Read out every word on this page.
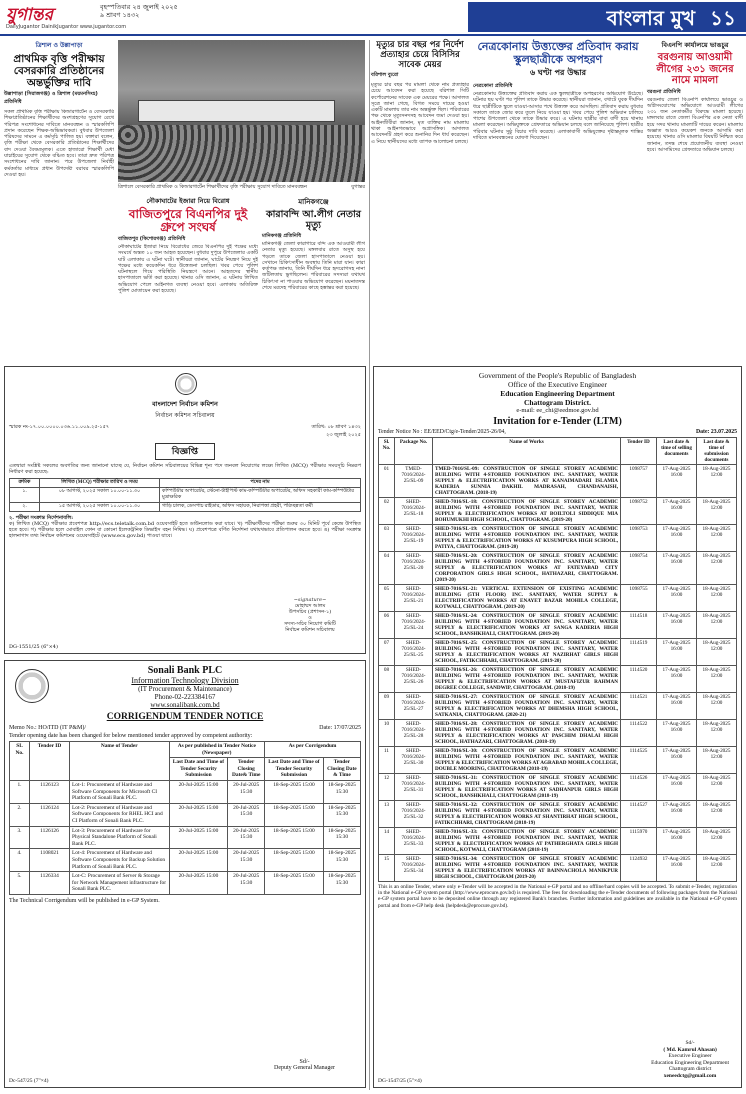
যুগান্তর	বৃহস্পতিবার ২৪ জুলাই ২০২৫
৯ শ্রাবণ ১৪৩২
DailyJugantor DainikJugantor www.jugantor.com	বাংলার মুখ ১১
ত্রিশাল ও উল্লাপাড়া
প্রাথমিক বৃত্তি পরীক্ষায় বেসরকারি প্রতিষ্ঠানের অন্তর্ভুক্তির দাবি
উল্লাপাড়া (সিরাজগঞ্জ) ও ত্রিশাল (ময়মনসিংহ) প্রতিনিধি
সকল প্রাথমিক বৃত্তি পরীক্ষায় কিন্ডারগার্টেন ও বেসরকারি শিক্ষাপ্রতিষ্ঠানের শিক্ষার্থীদের অংশগ্রহণের সুযোগ রেখে পরিপত্র সংশোধনের দাবিতে মানববন্ধন ও স্মারকলিপি প্রদান করেছেন শিক্ষক-অভিভাবকরা। বুধবার উপজেলা পরিষদের সামনে এ কর্মসূচি পালিত হয়। বক্তারা বলেন, বৃত্তি পরীক্ষা থেকে বেসরকারি প্রতিষ্ঠানের শিক্ষার্থীদের বাদ দেওয়া বৈষম্যমূলক। এতে হাজারো শিক্ষার্থী মেধা যাচাইয়ের সুযোগ থেকে বঞ্চিত হবে। তারা দ্রুত পরিপত্র সংশোধনের দাবি জানান। পরে উপজেলা নির্বাহী কর্মকর্তার মাধ্যমে প্রধান উপদেষ্টা বরাবর স্মারকলিপি দেওয়া হয়।
ত্রিশালে বেসরকারি প্রাথমিক ও কিন্ডারগার্টেন শিক্ষার্থীদের বৃত্তি পরীক্ষায় সুযোগ দাবিতে মানববন্ধন	যুগান্তর
নৌকাঘাটের ইজারা নিয়ে বিরোধ
বাজিতপুরে বিএনপির দুই গ্রুপে সংঘর্ষ
বাজিতপুর (কিশোরগঞ্জ) প্রতিনিধি
নৌকাঘাটের ইজারা নিয়ে বিরোধের জেরে বিএনপির দুই পক্ষের মধ্যে সংঘর্ষে অন্তত ১০ জন আহত হয়েছেন। বুধবার দুপুরে উপজেলার একটি ঘাট এলাকায় এ ঘটনা ঘটে। স্থানীয়রা জানান, ঘাটের নিয়ন্ত্রণ নিয়ে দুই পক্ষের মধ্যে কয়েকদিন ধরে উত্তেজনা চলছিল। খবর পেয়ে পুলিশ ঘটনাস্থলে গিয়ে পরিস্থিতি নিয়ন্ত্রণে আনে। আহতদের স্থানীয় হাসপাতালে ভর্তি করা হয়েছে। থানার ওসি জানান, এ ঘটনায় লিখিত অভিযোগ পেলে আইনগত ব্যবস্থা নেওয়া হবে। এলাকায় অতিরিক্ত পুলিশ মোতায়েন করা হয়েছে।
মানিকগঞ্জে
কারাবন্দি আ.লীগ নেতার মৃত্যু
মানিকগঞ্জ প্রতিনিধি
মানিকগঞ্জ জেলা কারাগারে বন্দি এক আওয়ামী লীগ নেতার মৃত্যু হয়েছে। মঙ্গলবার রাতে অসুস্থ হয়ে পড়লে তাকে জেলা হাসপাতালে নেওয়া হয়। সেখানে চিকিৎসাধীন অবস্থায় তিনি মারা যান। কারা কর্তৃপক্ষ জানায়, তিনি দীর্ঘদিন ধরে হৃদরোগসহ নানা জটিলতায় ভুগছিলেন। পরিবারের সদস্যরা যথাযথ চিকিৎসা না পাওয়ার অভিযোগ করেছেন। ময়নাতদন্ত শেষে মরদেহ পরিবারের কাছে হস্তান্তর করা হয়েছে।
মৃত্যুর চার বছর পর নির্দেশ প্রত্যাহার চেয়ে বিসিসির সাবেক মেয়র
বরিশাল ব্যুরো
মৃত্যুর চার বছর পর মামলা থেকে নাম প্রত্যাহার চেয়ে আবেদন করা হয়েছে বরিশাল সিটি কর্পোরেশনের সাবেক এক মেয়রের পক্ষে। আদালত সূত্রে জানা গেছে, বিগত সময়ে দায়ের হওয়া একটি মামলায় তার নাম অন্তর্ভুক্ত ছিল। পরিবারের পক্ষ থেকে মৃত্যুসনদসহ আবেদন জমা দেওয়া হয়। আইনজীবীরা জানান, মৃত ব্যক্তির নাম মামলায় থাকা আইনগতভাবে অপ্রাসঙ্গিক। আদালত আবেদনটি গ্রহণ করে শুনানির দিন ধার্য করেছেন। এ নিয়ে স্থানীয়দের মধ্যে ব্যাপক আলোচনা চলছে।
নেত্রকোনায় উত্ত্যক্তের প্রতিবাদ করায় স্কুলছাত্রীকে অপহরণ
৬ ঘণ্টা পর উদ্ধার
নেত্রকোনা প্রতিনিধি
নেত্রকোনায় উত্ত্যক্তের প্রতিবাদ করায় এক স্কুলছাত্রীকে অপহরণের অভিযোগ উঠেছে। ঘটনার ছয় ঘণ্টা পর পুলিশ তাকে উদ্ধার করেছে। স্থানীয়রা জানান, বখাটে যুবক দীর্ঘদিন ধরে ছাত্রীটিকে স্কুলে যাওয়া-আসার পথে উত্ত্যক্ত করে আসছিল। প্রতিবাদ করায় বুধবার সকালে তাকে জোর করে তুলে নিয়ে যাওয়া হয়। খবর পেয়ে পুলিশ অভিযান চালিয়ে পাশের উপজেলা থেকে তাকে উদ্ধার করে। এ ঘটনায় ছাত্রীর বাবা বাদী হয়ে থানায় মামলা করেছেন। অভিযুক্তকে গ্রেফতারে অভিযান চলছে বলে জানিয়েছে পুলিশ। ছাত্রীর পরিবার ঘটনার সুষ্ঠু বিচার দাবি করেছে। এলাকাবাসী অভিযুক্তের দৃষ্টান্তমূলক শাস্তির দাবিতে মানববন্ধনের ঘোষণা দিয়েছেন।
বিএনপি কার্যালয়ে ভাঙচুর
বরগুনায় আওয়ামী লীগের ২৩১ জনের নামে মামলা
বরগুনা প্রতিনিধি
বরগুনায় জেলা বিএনপি কার্যালয়ে ভাঙচুর ও অগ্নিসংযোগের অভিযোগে আওয়ামী লীগের ২৩১ জন নেতাকর্মীর বিরুদ্ধে মামলা হয়েছে। মঙ্গলবার রাতে জেলা বিএনপির এক নেতা বাদী হয়ে সদর থানায় মামলাটি দায়ের করেন। মামলায় অজ্ঞাত আরও কয়েকশ জনকে আসামি করা হয়েছে। থানার ওসি মামলার বিষয়টি নিশ্চিত করে জানান, তদন্ত শেষে প্রয়োজনীয় ব্যবস্থা নেওয়া হবে। আসামিদের গ্রেফতারে অভিযান চলছে।
বাংলাদেশ নির্বাচন কমিশন
নির্বাচন কমিশন সচিবালয়
স্মারক নং-১৭.০০.০০০০.০৩৬.১১.০০৯.২৫-১৫৭	তারিখ: ০৮ শ্রাবণ ১৪৩২
২৩ জুলাই ২০২৫
বিজ্ঞপ্তি
এতদ্বারা সংশ্লিষ্ট সকলের অবগতির জন্য জানানো যাচ্ছে যে, নির্বাচন কমিশন সচিবালয়ের বিভিন্ন শূন্য পদে জনবল নিয়োগের লক্ষ্যে লিখিত (MCQ) পরীক্ষার সময়সূচি নিম্নরূপ নির্ধারণ করা হয়েছে:
ক্রমিক	লিখিত (MCQ) পরীক্ষার তারিখ ও সময়	পদের নাম
১.	০৮ আগস্ট, ২০২৫ সকাল ১০.০০-১১.৩০	কম্পিউটার অপারেটর, স্টেনো-টাইপিস্ট কাম-কম্পিউটার অপারেটর, অফিস সহকারী কাম-কম্পিউটার মুদ্রাক্ষরিক
২.	১৫ আগস্ট, ২০২৫ সকাল ১০.০০-১১.৩০	গাড়ি চালক, ডেসপাচ রাইডার, অফিস সহায়ক, নিরাপত্তা প্রহরী, পরিচ্ছন্নতা কর্মী
২. পরীক্ষা সংক্রান্ত নির্দেশনাবলি:
ক) লিখিত (MCQ) পরীক্ষার প্রবেশপত্র http://ecs.teletalk.com.bd ওয়েবসাইট হতে ডাউনলোড করা যাবে। খ) পরীক্ষার্থীদের পরীক্ষা শুরুর ৩০ মিনিট পূর্বে কেন্দ্রে উপস্থিত হতে হবে। গ) পরীক্ষার হলে মোবাইল ফোন বা কোনো ইলেকট্রনিক ডিভাইস বহন নিষিদ্ধ। ঘ) প্রবেশপত্রে বর্ণিত নির্দেশনা যথাযথভাবে প্রতিপালন করতে হবে। ঙ) পরীক্ষা সংক্রান্ত হালনাগাদ তথ্য নির্বাচন কমিশনের ওয়েবসাইটে (www.ecs.gov.bd) পাওয়া যাবে।
~signature~
মোহাম্মদ আলম
উপসচিব (প্রশাসন-১)
ও
সদস্য-সচিব নিয়োগ কমিটি
নির্বাচন কমিশন সচিবালয়
DG-1551/25 (6"×4)
Sonali Bank PLC
Information Technology Division
(IT Procurement & Maintenance)
Phone-02-223384167
www.sonalibank.com.bd
CORRIGENDUM TENDER NOTICE
Memo No.: HO/ITD (IT P&M)/	Date: 17/07/2025
Tender opening date has been changed for below mentioned tender approved by competent authority:
SL No.	Tender ID	Name of Tender	As per published in Tender Notice (Newspaper)		As per Corrigendum	
			Last Date and Time of Tender Security Submission	Tender Closing Date& Time	Last Date and Time of Tender Security Submission	Tender Closing Date & Time
1.	1126123	Lot-1: Procurement of Hardware and Software Components for Microsoft CI Platform of Sonali Bank PLC.	20-Jul-2025 15:00	20-Jul-2025 15:30	18-Sep-2025 15:00	18-Sep-2025 15:30
2.	1126124	Lot-2: Procurement of Hardware and Software Components for RHEL HCI and CI Platform of Sonali Bank PLC.	20-Jul-2025 15:00	20-Jul-2025 15:30	18-Sep-2025 15:00	18-Sep-2025 15:30
3.	1126126	Lot-3: Procurement of Hardware for Physical Standalone Platform of Sonali Bank PLC.	20-Jul-2025 15:00	20-Jul-2025 15:30	18-Sep-2025 15:00	18-Sep-2025 15:30
4.	1108021	Lot-4: Procurement of Hardware and Software Components for Backup Solution Platform of Sonali Bank PLC.	20-Jul-2025 15:00	20-Jul-2025 15:30	18-Sep-2025 15:00	18-Sep-2025 15:30
5.	1126334	Lot-C: Procurement of Server & Storage for Network Management infrastructure for Sonali Bank PLC.	20-Jul-2025 15:00	20-Jul-2025 15:30	18-Sep-2025 15:00	18-Sep-2025 15:30
The Technical Corrigendum will be published in e-GP System.
Sd/-
Deputy General Manager
Dc-547/25 (7"×4)
Government of the People's Republic of Bangladesh
Office of the Executive Engineer
Education Engineering Department
Chattogram District.
e-mail: ee_chi@eedmoe.gov.bd
Invitation for e-Tender (LTM)
Tender Notice No : EE/EED/Ctg/e-Tender/2025-26/04,	Date: 23.07.2025
Sl. No.	Package No.	Name of Works	Tender ID	Last date & time of selling documents	Last date & time of submission documents
01	TMED-7016/2024-25/SL-09	TMED-7016/SL-09: CONSTRUCTION OF SINGLE STOREY ACADEMIC BUILDING WITH 4-STORIED FOUNDATION INC. SANITARY, WATER SUPPLY & ELECTRIFICATION WORKS AT KANAIMADARI ISLAMIA KADERIA SUNNIA DAKHIL MADRASAH, CHANDANAISH, CHATTOGRAM. (2018-19)	1098757	17-Aug-2025 16:00	18-Aug-2025 12:00
02	SHED-7016/2024-25/SL-18	SHED-7016/SL-18: CONSTRUCTION OF SINGLE STOREY ACADEMIC BUILDING WITH 4-STORIED FOUNDATION INC. SANITARY, WATER SUPPLY & ELECTRIFICATION WORKS AT BOILTOLI SIDDIQUE MIA BOHUMUKHI HIGH SCHOOL, CHATTOGRAM. (2019-20)	1098752	17-Aug-2025 16:00	18-Aug-2025 12:00
03	SHED-7016/2024-25/SL-19	SHED-7016/SL-19: CONSTRUCTION OF SINGLE STOREY ACADEMIC BUILDING WITH 4-STORIED FOUNDATION INC. SANITARY, WATER SUPPLY & ELECTRIFICATION WORKS AT KUSUMPURA HIGH SCHOOL, PATIYA, CHATTOGRAM. (2019-20)	1098753	17-Aug-2025 16:00	18-Aug-2025 12:00
04	SHED-7016/2024-25/SL-20	SHED-7016/SL-20: CONSTRUCTION OF SINGLE STOREY ACADEMIC BUILDING WITH 4-STORIED FOUNDATION INC. SANITARY, WATER SUPPLY & ELECTRIFICATION WORKS AT FATEYABAD CITY CORPORATION GIRLS HIGH SCHOOL, HATHAZARI, CHATTOGRAM. (2019-20)	1098754	17-Aug-2025 16:00	18-Aug-2025 12:00
05	SHED-7016/2024-25/SL-21	SHED-7016/SL-21: VERTICAL EXTENSION OF EXISTING ACADEMIC BUILDING (5TH FLOOR) INC. SANITARY, WATER SUPPLY & ELECTRIFICATION WORKS AT ENAYET BAZAR MOHILA COLLEGE, KOTWALI, CHATTOGRAM. (2019-20)	1098755	17-Aug-2025 16:00	18-Aug-2025 12:00
06	SHED-7016/2024-25/SL-24	SHED-7016/SL-24: CONSTRUCTION OF SINGLE STOREY ACADEMIC BUILDING WITH 4-STORIED FOUNDATION INC. SANITARY, WATER SUPPLY & ELECTRIFICATION WORKS AT SANGA KADERIA HIGH SCHOOL, BANSHKHALI, CHATTOGRAM. (2019-20)	1114518	17-Aug-2025 16:00	18-Aug-2025 12:00
07	SHED-7016/2024-25/SL-25	SHED-7016/SL-25: CONSTRUCTION OF SINGLE STOREY ACADEMIC BUILDING WITH 4-STORIED FOUNDATION INC. SANITARY, WATER SUPPLY & ELECTRIFICATION WORKS AT NAZIRHAT GIRLS HIGH SCHOOL, FATIKCHHARI, CHATTOGRAM. (2019-20)	1114519	17-Aug-2025 16:00	18-Aug-2025 12:00
08	SHED-7016/2024-25/SL-26	SHED-7016/SL-26: CONSTRUCTION OF SINGLE STOREY ACADEMIC BUILDING WITH 4-STORIED FOUNDATION INC. SANITARY, WATER SUPPLY & ELECTRIFICATION WORKS AT MUSTAFIZUR RAHMAN DEGREE COLLEGE, SANDWIP, CHATTOGRAM. (2018-19)	1114520	17-Aug-2025 16:00	18-Aug-2025 12:00
09	SHED-7016/2024-25/SL-27	SHED-7016/SL-27: CONSTRUCTION OF SINGLE STOREY ACADEMIC BUILDING WITH 4-STORIED FOUNDATION INC. SANITARY, WATER SUPPLY & ELECTRIFICATION WORKS AT DHEMSHA HIGH SCHOOL, SATKANIA, CHATTOGRAM. (2020-21)	1114521	17-Aug-2025 16:00	18-Aug-2025 12:00
10	SHED-7016/2024-25/SL-28	SHED-7016/SL-28: CONSTRUCTION OF SINGLE STOREY ACADEMIC BUILDING WITH 4-STORIED FOUNDATION INC. SANITARY, WATER SUPPLY & ELECTRIFICATION WORKS AT PASCHIM DHALAI HIGH SCHOOL, HATHAZARI, CHATTOGRAM. (2018-19)	1114522	17-Aug-2025 16:00	18-Aug-2025 12:00
11	SHED-7016/2024-25/SL-30	SHED-7016/SL-30: CONSTRUCTION OF SINGLE STOREY ACADEMIC BUILDING WITH 4-STORIED FOUNDATION INC. SANITARY, WATER SUPPLY & ELECTRIFICATION WORKS AT AGRABAD MOHILA COLLEGE, DOUBLE MOORING, CHATTOGRAM (2018-19)	1114525	17-Aug-2025 16:00	18-Aug-2025 12:00
12	SHED-7016/2024-25/SL-31	SHED-7016/SL-31: CONSTRUCTION OF SINGLE STOREY ACADEMIC BUILDING WITH 4-STORIED FOUNDATION INC. SANITARY, WATER SUPPLY & ELECTRIFICATION WORKS AT SADHANPUR GIRLS HIGH SCHOOL, BANSHKHALI, CHATTOGRAM (2018-19)	1114526	17-Aug-2025 16:00	18-Aug-2025 12:00
13	SHED-7016/2024-25/SL-32	SHED-7016/SL-32: CONSTRUCTION OF SINGLE STOREY ACADEMIC BUILDING WITH 4-STORIED FOUNDATION INC. SANITARY, WATER SUPPLY & ELECTRIFICATION WORKS AT SHANTIRHAT HIGH SCHOOL, FATIKCHHARI, CHATTOGRAM (2018-19)	1114527	17-Aug-2025 16:00	18-Aug-2025 12:00
14	SHED-7016/2024-25/SL-33	SHED-7016/SL-33: CONSTRUCTION OF SINGLE STOREY ACADEMIC BUILDING WITH 4-STORIED FOUNDATION INC. SANITARY, WATER SUPPLY & ELECTRIFICATION WORKS AT PATHERGHATA GIRLS HIGH SCHOOL, KOTWALI, CHATTOGRAM (2018-19)	1115970	17-Aug-2025 16:00	18-Aug-2025 12:00
15	SHED-7016/2024-25/SL-34	SHED-7016/SL-34: CONSTRUCTION OF SINGLE STOREY ACADEMIC BUILDING WITH 4-STORIED FOUNDATION INC. SANITARY, WATER SUPPLY & ELECTRIFICATION WORKS AT BAINNACHOLA MANIKPUR HIGH SCHOOL, CHATTOGRAM (2019-20)	1124932	17-Aug-2025 16:00	18-Aug-2025 12:00
This is an online Tender, where only e-Tender will be accepted in the National e-GP portal and no offline/hard copies will be accepted. To submit e-Tender, registration in the National e-GP system portal (http://www.eprocure.gov.bd) is required. The fees for downloading the e-Tender documents of following packages from the National e-GP system portal have to be deposited online through any registered Bank's branches. Further information and guidelines are available in the National e-GP system portal and from e-GP help desk (helpdesk@eprocure.gov.bd).
Sd/-
( Md. Kamrul Ahasan)
Executive Engineer
Education Engineering Department
Chattogram district
xeneedctg@gmail.com
DG-1547/25 (5"×4)
